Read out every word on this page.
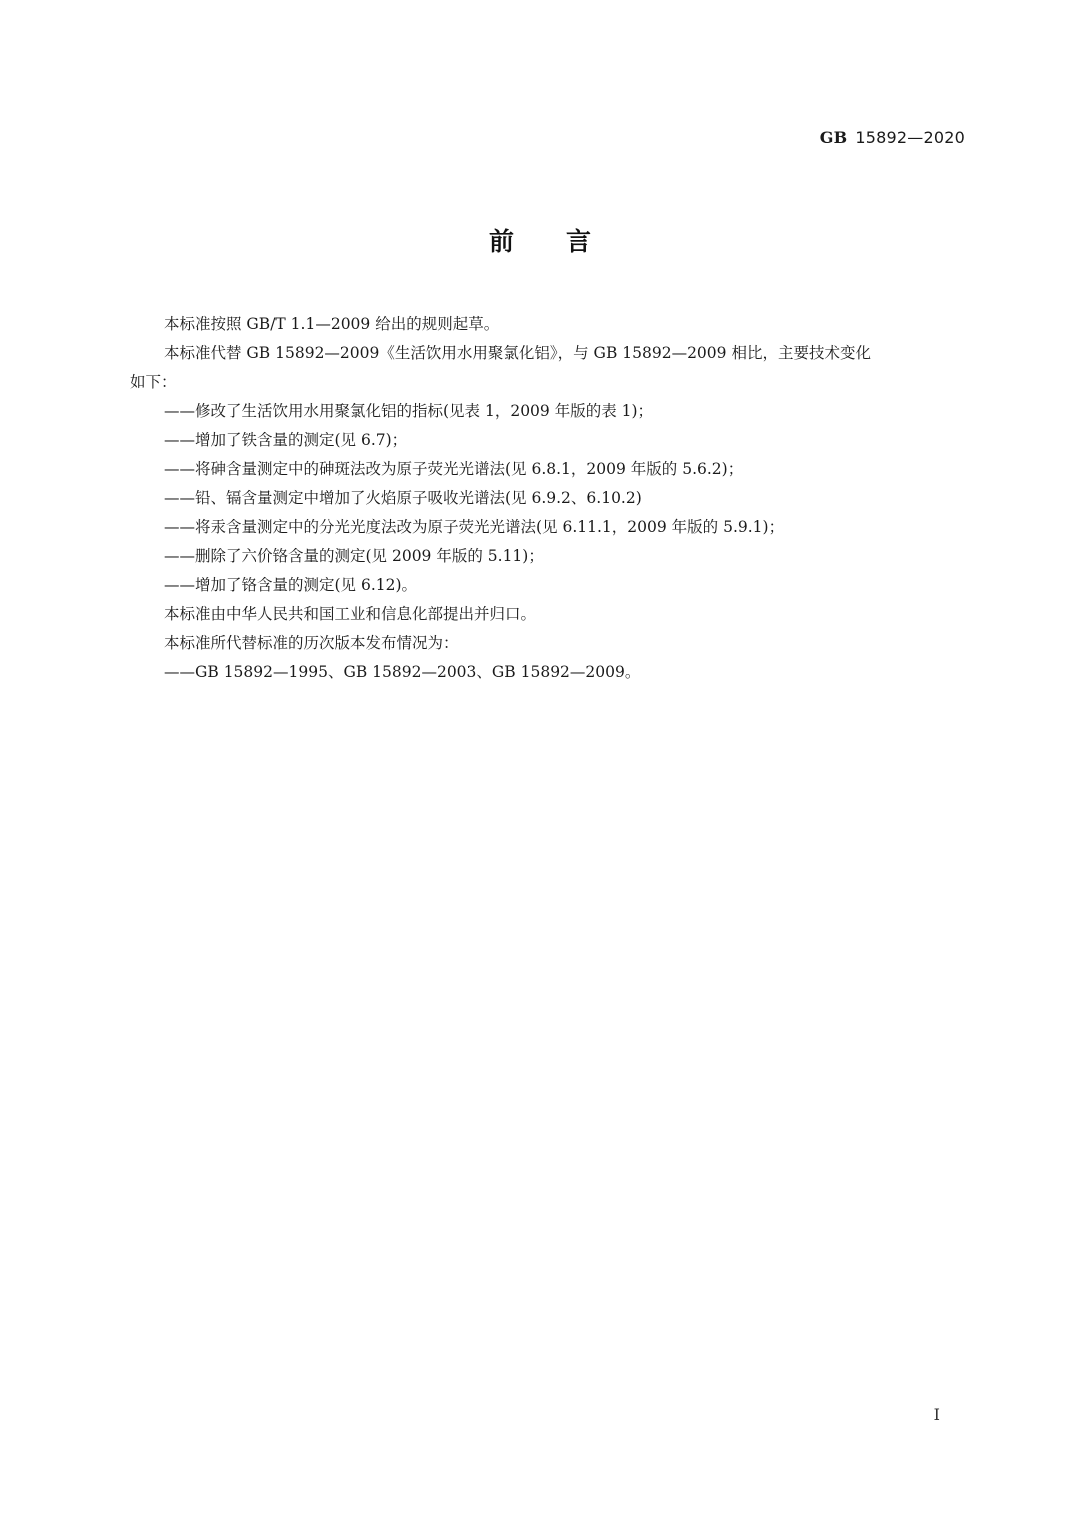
GB 15892—2020
前言

本标准按照 GB/T 1.1—2009 给出的规则起草。

本标准代替 GB 15892—2009《生活饮用水用聚氯化铝》，与 GB 15892—2009 相比，主要技术变化

如下：

——修改了生活饮用水用聚氯化铝的指标(见表 1，2009 年版的表 1)；

——增加了铁含量的测定(见 6.7)；

——将砷含量测定中的砷斑法改为原子荧光光谱法(见 6.8.1，2009 年版的 5.6.2)；

——铅、镉含量测定中增加了火焰原子吸收光谱法(见 6.9.2、6.10.2)

——将汞含量测定中的分光光度法改为原子荧光光谱法(见 6.11.1，2009 年版的 5.9.1)；

——删除了六价铬含量的测定(见 2009 年版的 5.11)；

——增加了铬含量的测定(见 6.12)。

本标准由中华人民共和国工业和信息化部提出并归口。

本标准所代替标准的历次版本发布情况为：

——GB 15892—1995、GB 15892—2003、GB 15892—2009。

I
